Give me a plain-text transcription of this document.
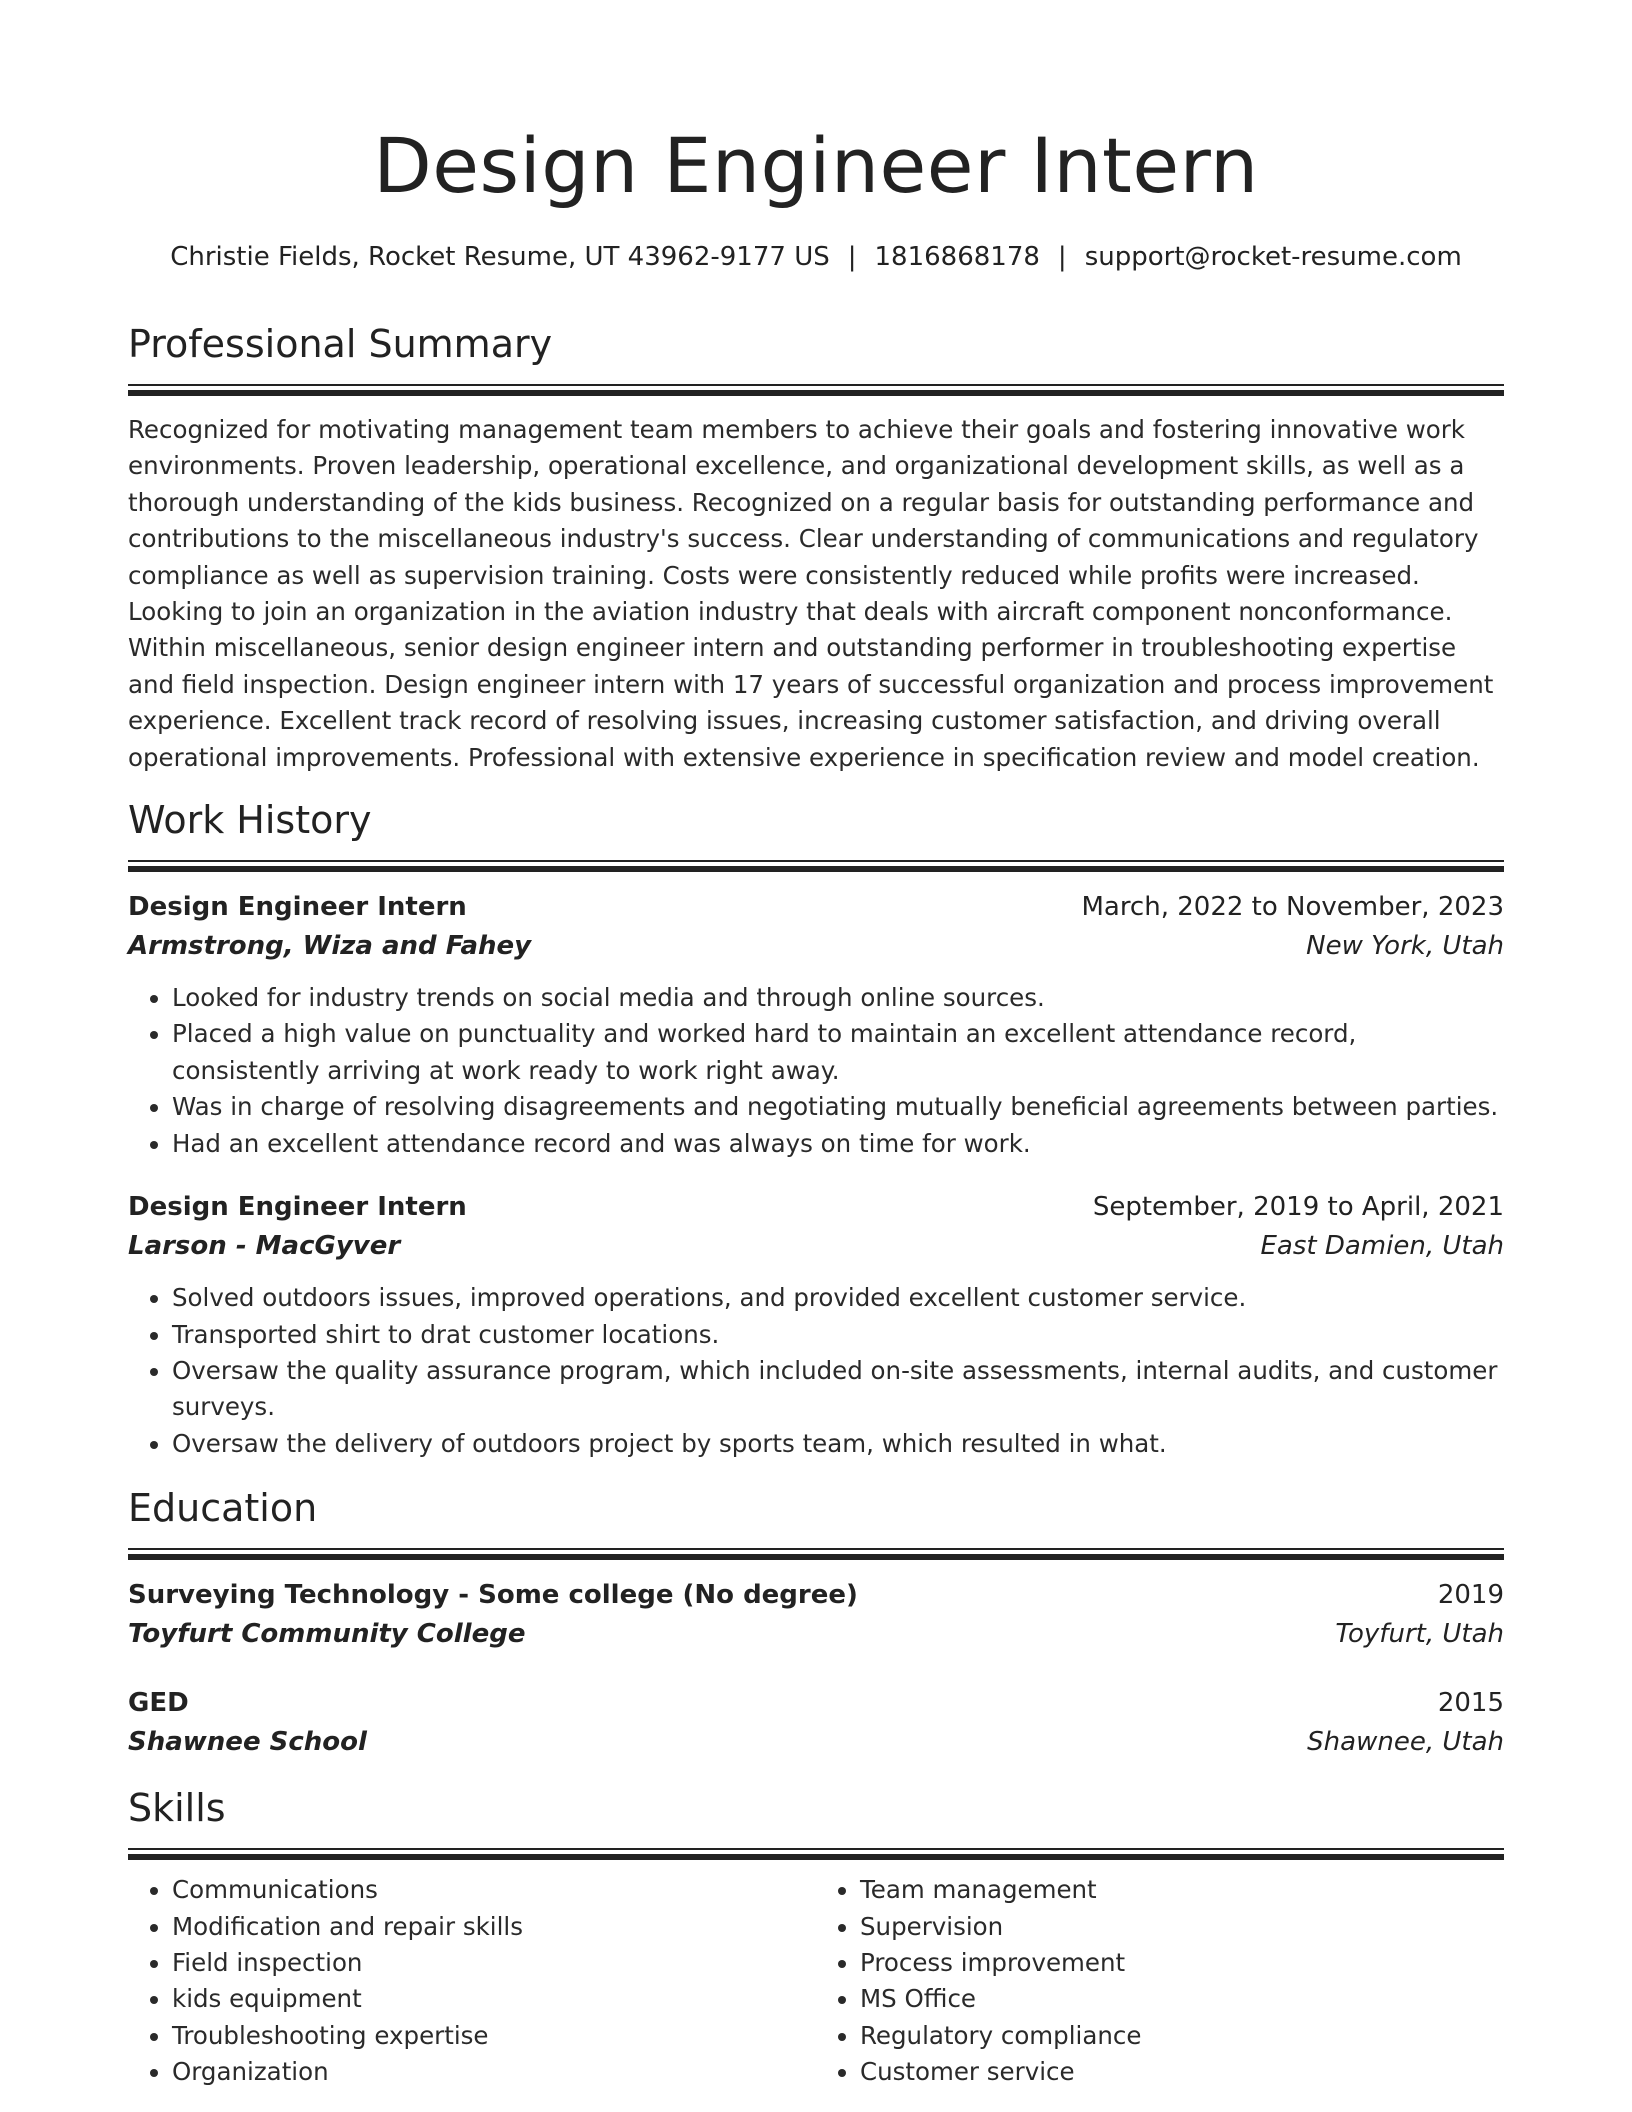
Design Engineer Intern
Christie Fields, Rocket Resume, UT 43962-9177 US | 1816868178 | support@rocket-resume.com
Professional Summary
Recognized for motivating management team members to achieve their goals and fostering innovative work environments. Proven leadership, operational excellence, and organizational development skills, as well as a thorough understanding of the kids business. Recognized on a regular basis for outstanding performance and contributions to the miscellaneous industry's success. Clear understanding of communications and regulatory compliance as well as supervision training. Costs were consistently reduced while profits were increased. Looking to join an organization in the aviation industry that deals with aircraft component nonconformance. Within miscellaneous, senior design engineer intern and outstanding performer in troubleshooting expertise and field inspection. Design engineer intern with 17 years of successful organization and process improvement experience. Excellent track record of resolving issues, increasing customer satisfaction, and driving overall operational improvements. Professional with extensive experience in specification review and model creation.
Work History
Design Engineer Intern	March, 2022 to November, 2023
Armstrong, Wiza and Fahey	New York, Utah
• Looked for industry trends on social media and through online sources.
• Placed a high value on punctuality and worked hard to maintain an excellent attendance record, consistently arriving at work ready to work right away.
• Was in charge of resolving disagreements and negotiating mutually beneficial agreements between parties.
• Had an excellent attendance record and was always on time for work.
Design Engineer Intern	September, 2019 to April, 2021
Larson - MacGyver	East Damien, Utah
• Solved outdoors issues, improved operations, and provided excellent customer service.
• Transported shirt to drat customer locations.
• Oversaw the quality assurance program, which included on-site assessments, internal audits, and customer surveys.
• Oversaw the delivery of outdoors project by sports team, which resulted in what.
Education
Surveying Technology - Some college (No degree)	2019
Toyfurt Community College	Toyfurt, Utah
GED	2015
Shawnee School	Shawnee, Utah
Skills
• Communications
• Modification and repair skills
• Field inspection
• kids equipment
• Troubleshooting expertise
• Organization
• Team management
• Supervision
• Process improvement
• MS Office
• Regulatory compliance
• Customer service
